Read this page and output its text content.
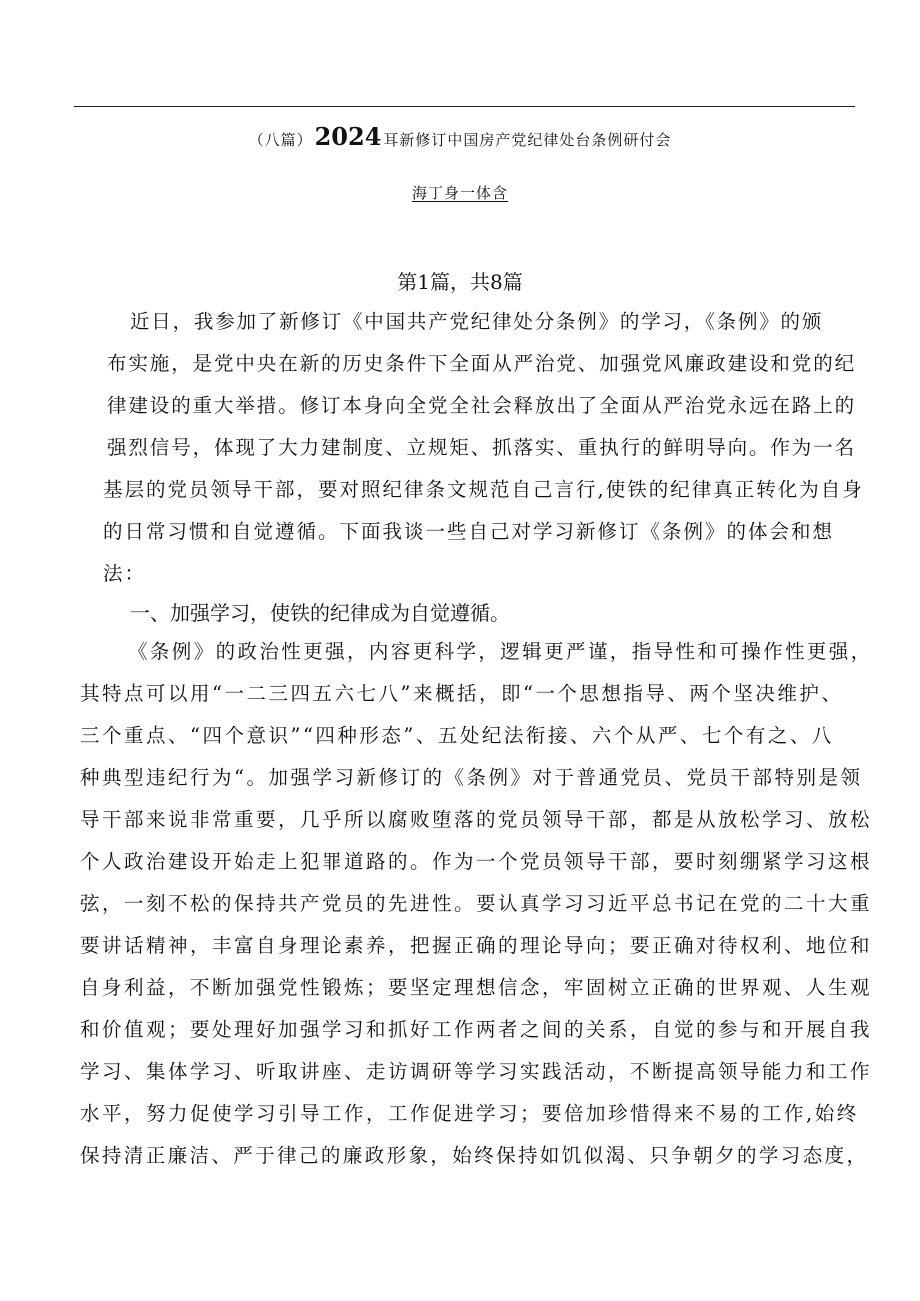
（八篇）2024 耳新修订中国房产党纪律处台条例研付会
海丁身一体含
第1篇，共8篇
近日，我参加了新修订《中国共产党纪律处分条例》的学习，《条例》的颁
布实施，是党中央在新的历史条件下全面从严治党、加强党风廉政建设和党的纪
律建设的重大举措。修订本身向全党全社会释放出了全面从严治党永远在路上的
强烈信号，体现了大力建制度、立规矩、抓落实、重执行的鲜明导向。作为一名
基层的党员领导干部，要对照纪律条文规范自己言行,使铁的纪律真正转化为自身
的日常习惯和自觉遵循。下面我谈一些自己对学习新修订《条例》的体会和想
法：
一、加强学习，使铁的纪律成为自觉遵循。
《条例》的政治性更强，内容更科学，逻辑更严谨，指导性和可操作性更强，
其特点可以用“一二三四五六七八”来概括，即“一个思想指导、两个坚决维护、
三个重点、“四个意识”“四种形态”、五处纪法衔接、六个从严、七个有之、八
种典型违纪行为“。加强学习新修订的《条例》对于普通党员、党员干部特别是领
导干部来说非常重要，几乎所以腐败堕落的党员领导干部，都是从放松学习、放松
个人政治建设开始走上犯罪道路的。作为一个党员领导干部，要时刻绷紧学习这根
弦，一刻不松的保持共产党员的先进性。要认真学习习近平总书记在党的二十大重
要讲话精神，丰富自身理论素养，把握正确的理论导向；要正确对待权利、地位和
自身利益，不断加强党性锻炼；要坚定理想信念，牢固树立正确的世界观、人生观
和价值观；要处理好加强学习和抓好工作两者之间的关系，自觉的参与和开展自我
学习、集体学习、听取讲座、走访调研等学习实践活动，不断提高领导能力和工作
水平，努力促使学习引导工作，工作促进学习；要倍加珍惜得来不易的工作,始终
保持清正廉洁、严于律己的廉政形象，始终保持如饥似渴、只争朝夕的学习态度，
